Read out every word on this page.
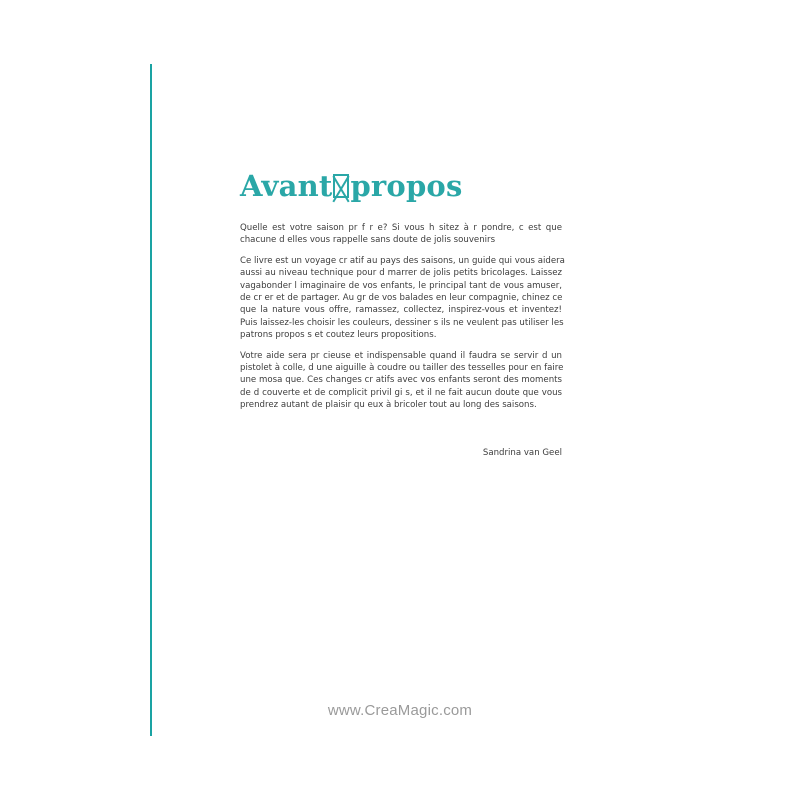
Avant propos

Quelle est votre saison pr f r e? Si vous h sitez à r pondre, c est que
chacune d elles vous rappelle sans doute de jolis souvenirs

Ce livre est un voyage cr atif au pays des saisons, un guide qui vous aidera
aussi au niveau technique pour d marrer de jolis petits bricolages. Laissez
vagabonder l imaginaire de vos enfants, le principal tant de vous amuser,
de cr er et de partager. Au gr de vos balades en leur compagnie, chinez ce
que la nature vous offre, ramassez, collectez, inspirez-vous et inventez!
Puis laissez-les choisir les couleurs, dessiner s ils ne veulent pas utiliser les
patrons propos s et coutez leurs propositions.

Votre aide sera pr cieuse et indispensable quand il faudra se servir d un
pistolet à colle, d une aiguille à coudre ou tailler des tesselles pour en faire
une mosa que. Ces changes cr atifs avec vos enfants seront des moments
de d couverte et de complicit privil gi s, et il ne fait aucun doute que vous
prendrez autant de plaisir qu eux à bricoler tout au long des saisons.

Sandrina van Geel
www.CreaMagic.com
